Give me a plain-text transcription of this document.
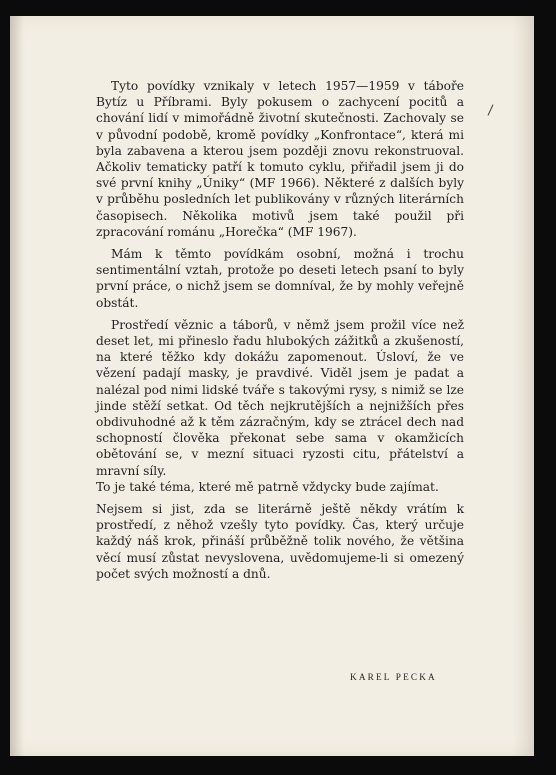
Tyto povídky vznikaly v letech 1957—1959 v táboře Bytíz u Příbrami. Byly pokusem o zachycení pocitů a chování lidí v mimořádně životní skutečnosti. Zachovaly se v původní podobě, kromě povídky „Konfrontace“, která mi byla zabavena a kterou jsem později znovu rekonstruoval. Ačkoliv tematicky patří k tomuto cyklu, přiřadil jsem ji do své první knihy „Úniky“ (MF 1966). Některé z dalších byly v průběhu posledních let publikovány v různých literárních časopisech. Několika motivů jsem také použil při zpracování románu „Horečka“ (MF 1967).

Mám k těmto povídkám osobní, možná i trochu sentimentální vztah, protože po deseti letech psaní to byly první práce, o nichž jsem se domníval, že by mohly veřejně obstát.

Prostředí věznic a táborů, v němž jsem prožil více než deset let, mi přineslo řadu hlubokých zážitků a zkušeností, na které těžko kdy dokážu zapomenout. Úsloví, že ve vězení padají masky, je pravdivé. Viděl jsem je padat a nalézal pod nimi lidské tváře s takovými rysy, s nimiž se lze jinde stěží setkat. Od těch nejkrutějších a nejnižších přes obdivuhodné až k těm zázračným, kdy se ztrácel dech nad schopností člověka překonat sebe sama v okamžicích obětování se, v mezní situaci ryzosti citu, přátelství a mravní síly.

To je také téma, které mě patrně vždycky bude zajímat.

Nejsem si jist, zda se literárně ještě někdy vrátím k prostředí, z něhož vzešly tyto povídky. Čas, který určuje každý náš krok, přináší průběžně tolik nového, že většina věcí musí zůstat nevyslovena, uvědomujeme-li si omezený počet svých možností a dnů.

KAREL PECKA
